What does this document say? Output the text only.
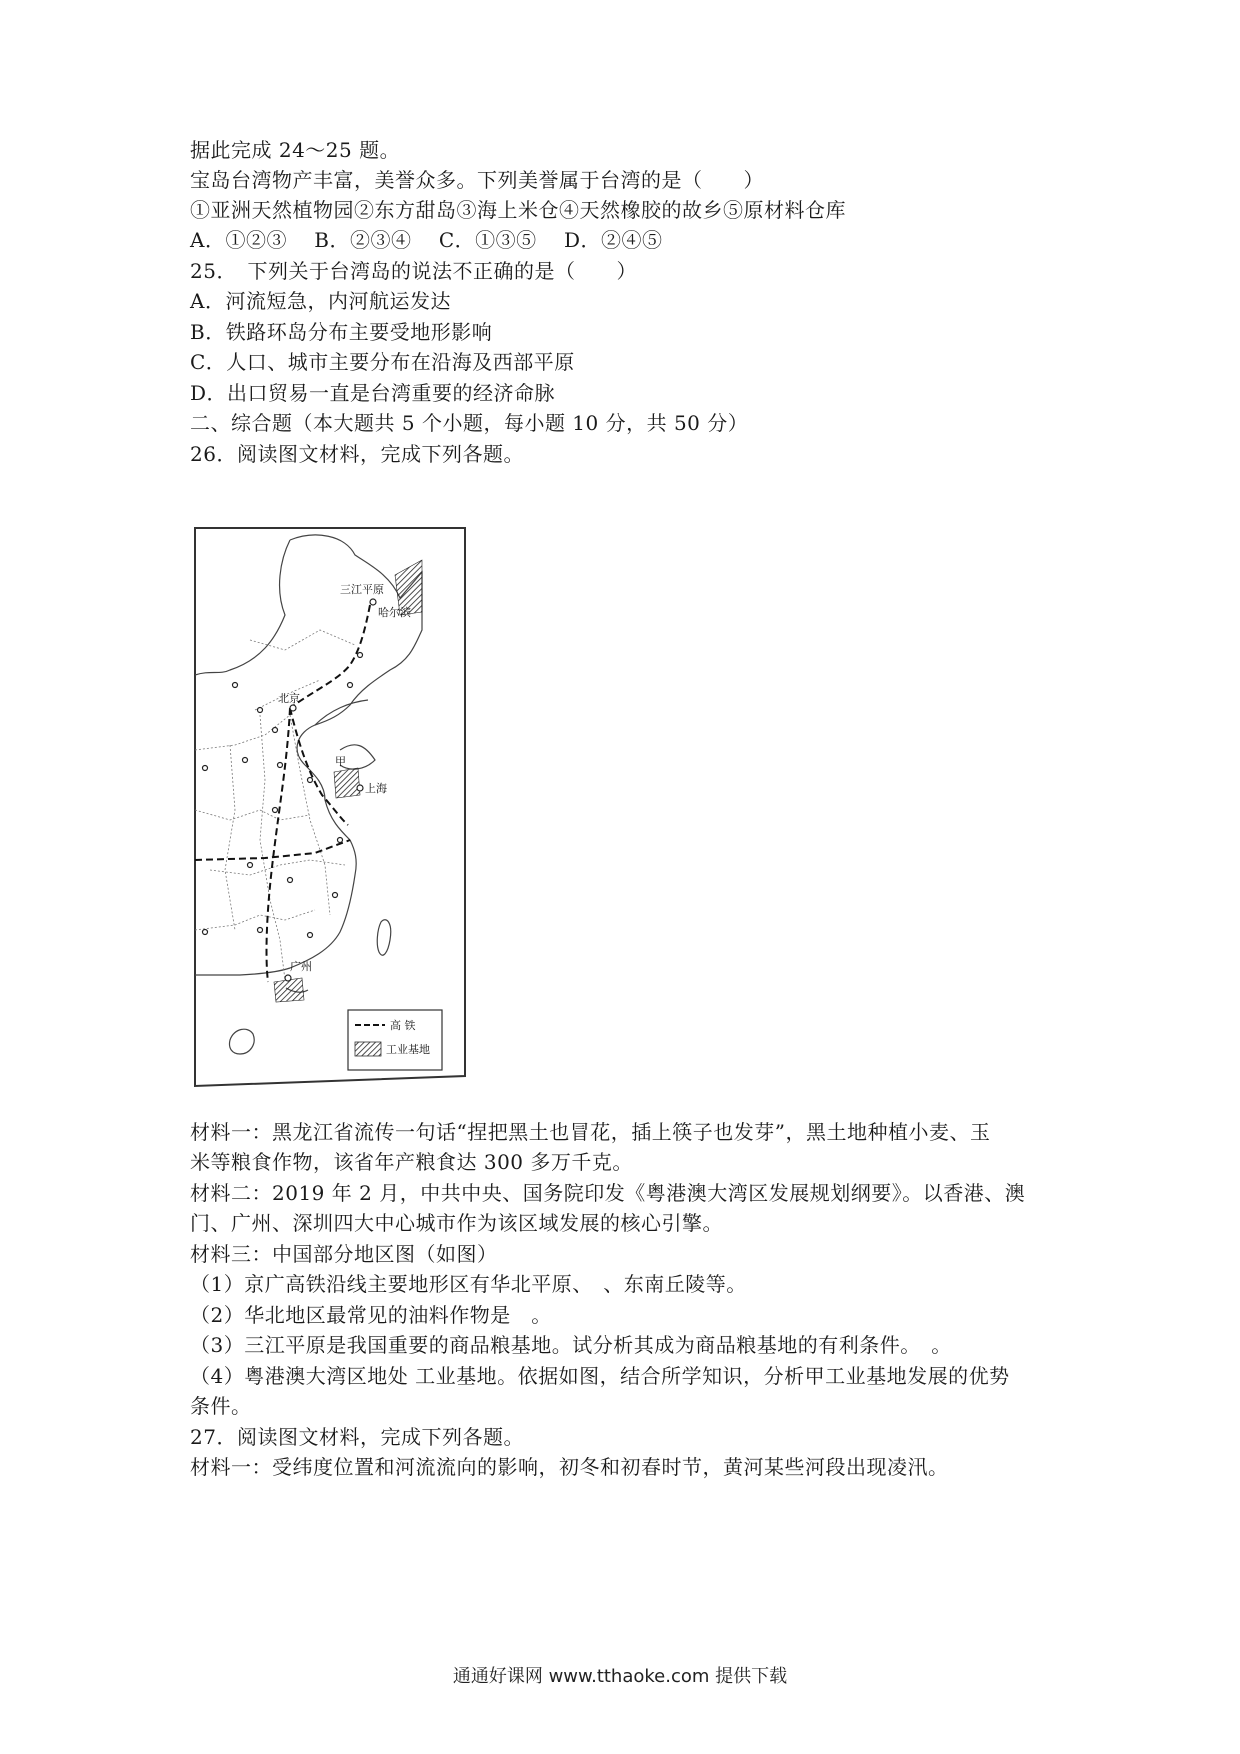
据此完成 24～25 题。
宝岛台湾物产丰富，美誉众多。下列美誉属于台湾的是（　　）
①亚洲天然植物园②东方甜岛③海上米仓④天然橡胶的故乡⑤原材料仓库
A．①②③　 B．②③④　 C．①③⑤　 D．②④⑤
25．　下列关于台湾岛的说法不正确的是（　　）
A．河流短急，内河航运发达
B．铁路环岛分布主要受地形影响
C．人口、城市主要分布在沿海及西部平原
D．出口贸易一直是台湾重要的经济命脉
二、综合题（本大题共 5 个小题，每小题 10 分，共 50 分）
26．阅读图文材料，完成下列各题。
三江平原
哈尔滨
北京
甲
上海
广州
高 铁
工业基地
材料一：黑龙江省流传一句话“捏把黑土也冒花，插上筷子也发芽”，黑土地种植小麦、玉
米等粮食作物，该省年产粮食达 300 多万千克。
材料二：2019 年 2 月，中共中央、国务院印发《粤港澳大湾区发展规划纲要》。以香港、澳
门、广州、深圳四大中心城市作为该区域发展的核心引擎。
材料三：中国部分地区图（如图）
（1）京广高铁沿线主要地形区有华北平原、　、东南丘陵等。
（2）华北地区最常见的油料作物是　。
（3）三江平原是我国重要的商品粮基地。试分析其成为商品粮基地的有利条件。　。
（4）粤港澳大湾区地处 工业基地。依据如图，结合所学知识，分析甲工业基地发展的优势
条件。
27．阅读图文材料，完成下列各题。
材料一：受纬度位置和河流流向的影响，初冬和初春时节，黄河某些河段出现凌汛。
通通好课网 www.tthaoke.com 提供下载
